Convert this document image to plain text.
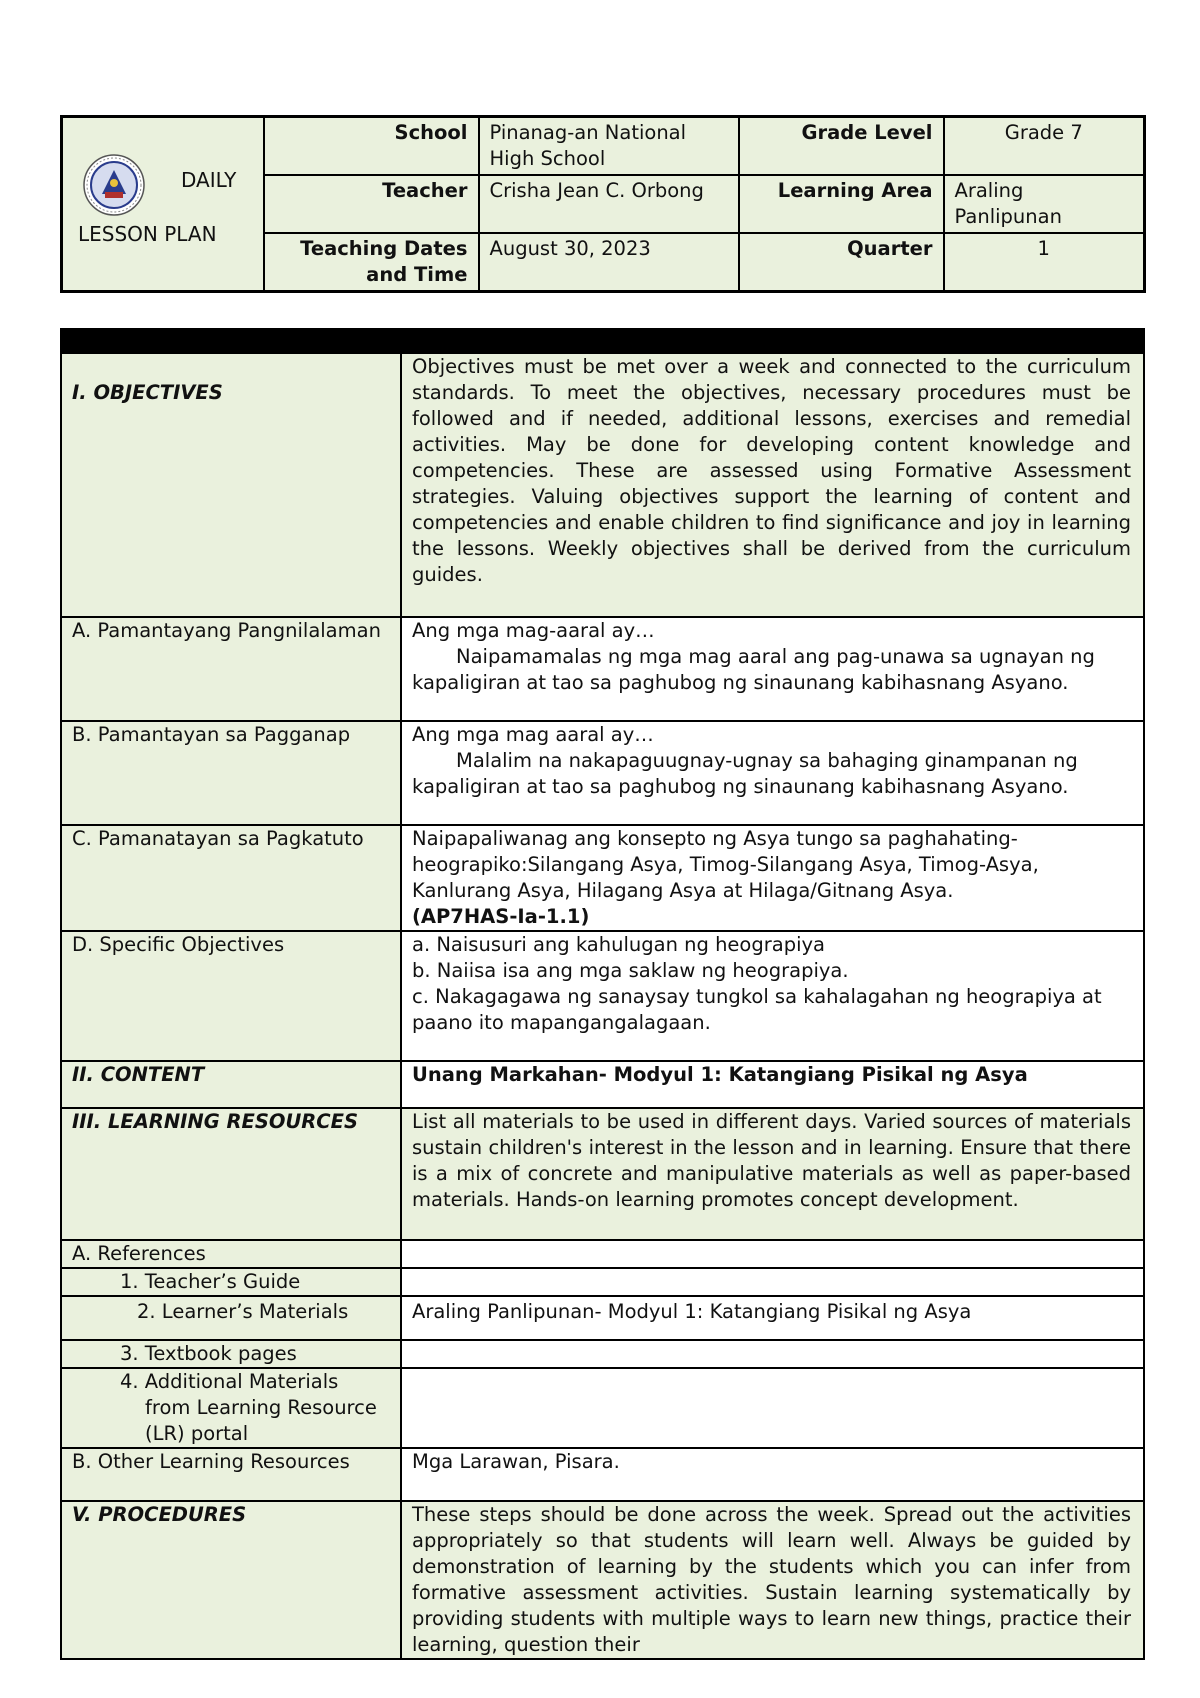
DAILY
LESSON PLAN	School	Pinanag-an National High School	Grade Level	Grade 7
	Teacher	Crisha Jean C. Orbong	Learning Area	Araling Panlipunan
	Teaching Dates and Time	August 30, 2023	Quarter	1

I. OBJECTIVES	Objectives must be met over a week and connected to the curriculum standards. To meet the objectives, necessary procedures must be followed and if needed, additional lessons, exercises and remedial activities. May be done for developing content knowledge and competencies. These are assessed using Formative Assessment strategies. Valuing objectives support the learning of content and competencies and enable children to find significance and joy in learning the lessons. Weekly objectives shall be derived from the curriculum guides.
A. Pamantayang Pangnilalaman	Ang mga mag-aaral ay…
Naipamamalas ng mga mag aaral ang pag-unawa sa ugnayan ng kapaligiran at tao sa paghubog ng sinaunang kabihasnang Asyano.

B. Pamantayan sa Pagganap	Ang mga mag aaral ay…
Malalim na nakapaguugnay-ugnay sa bahaging ginampanan ng kapaligiran at tao sa paghubog ng sinaunang kabihasnang Asyano.

C. Pamanatayan sa Pagkatuto	Naipapaliwanag ang konsepto ng Asya tungo sa paghahating-heograpiko:Silangang Asya, Timog-Silangang Asya, Timog-Asya, Kanlurang Asya, Hilagang Asya at Hilaga/Gitnang Asya.
(AP7HAS-Ia-1.1)

D. Specific Objectives	a. Naisusuri ang kahulugan ng heograpiya
b. Naiisa isa ang mga saklaw ng heograpiya.
c. Nakagagawa ng sanaysay tungkol sa kahalagahan ng heograpiya at paano ito mapangangalagaan.

II. CONTENT	Unang Markahan- Modyul 1: Katangiang Pisikal ng Asya
III. LEARNING RESOURCES	List all materials to be used in different days. Varied sources of materials sustain children's interest in the lesson and in learning. Ensure that there is a mix of concrete and manipulative materials as well as paper-based materials. Hands-on learning promotes concept development.
A. References	
1. Teacher’s Guide	
2. Learner’s Materials	Araling Panlipunan- Modyul 1: Katangiang Pisikal ng Asya
3. Textbook pages	

4. Additional Materials from Learning Resource (LR) portal	

B. Other Learning Resources	Mga Larawan, Pisara.
V. PROCEDURES	These steps should be done across the week. Spread out the activities appropriately so that students will learn well. Always be guided by demonstration of learning by the students which you can infer from formative assessment activities. Sustain learning systematically by providing students with multiple ways to learn new things, practice their learning, question their
